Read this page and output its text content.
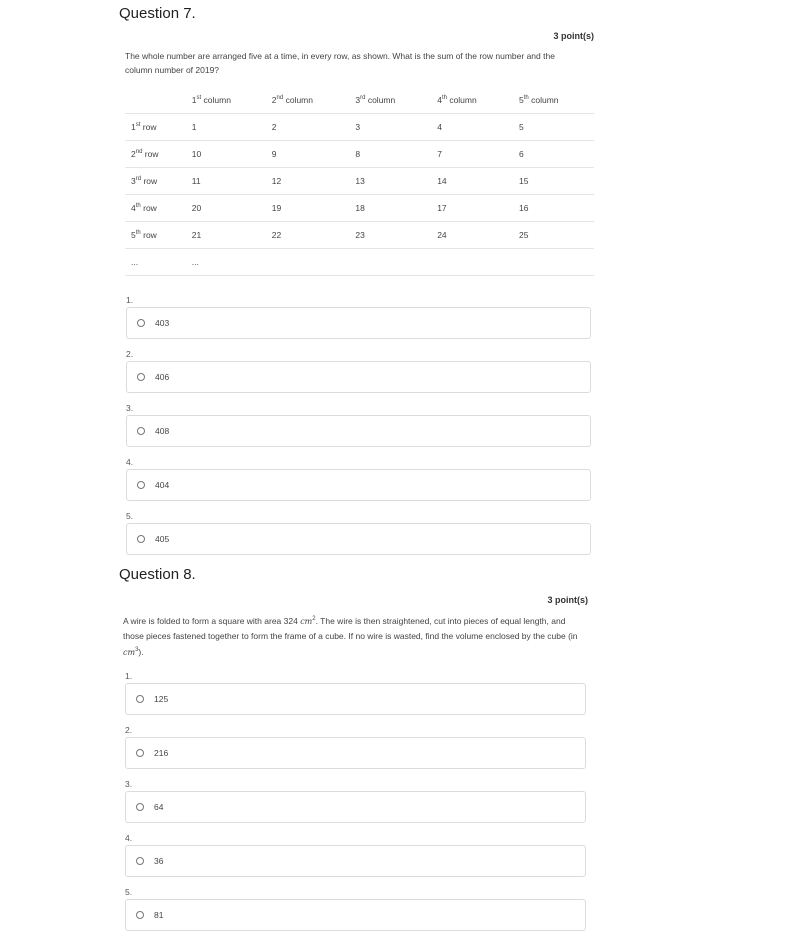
Question 7.
3 point(s)
The whole number are arranged five at a time, in every row, as shown. What is the sum of the row number and the column number of 2019?
	1st column	2nd column	3rd column	4th column	5th column
1st row	1	2	3	4	5
2nd row	10	9	8	7	6
3rd row	11	12	13	14	15
4th row	20	19	18	17	16
5th row	21	22	23	24	25
...	...				
1.
403
2.
406
3.
408
4.
404
5.
405
Question 8.
3 point(s)
A wire is folded to form a square with area 324 $cm^2$. The wire is then straightened, cut into pieces of equal length, and those pieces fastened together to form the frame of a cube. If no wire is wasted, find the volume enclosed by the cube (in $cm^3$).
1.
125
2.
216
3.
64
4.
36
5.
81
